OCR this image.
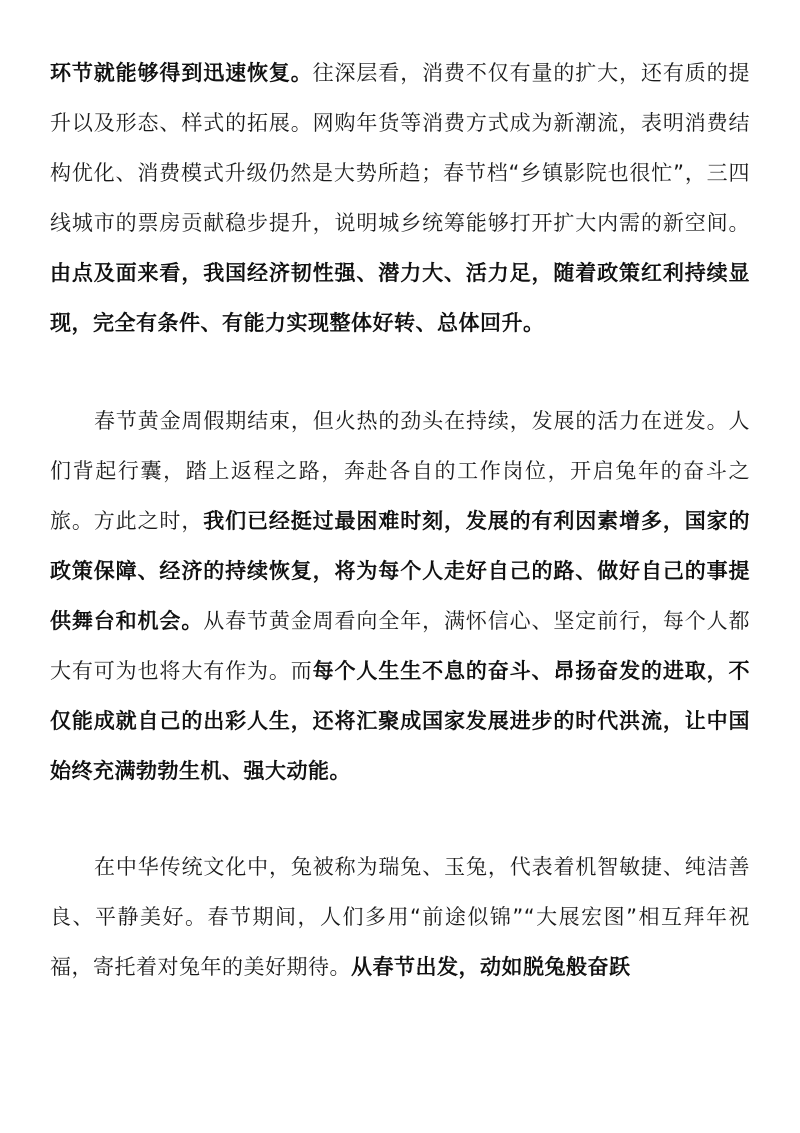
环节就能够得到迅速恢复。往深层看，消费不仅有量的扩大，还有质的提升以及形态、样式的拓展。网购年货等消费方式成为新潮流，表明消费结构优化、消费模式升级仍然是大势所趋；春节档“乡镇影院也很忙”，三四线城市的票房贡献稳步提升，说明城乡统筹能够打开扩大内需的新空间。由点及面来看，我国经济韧性强、潜力大、活力足，随着政策红利持续显现，完全有条件、有能力实现整体好转、总体回升。

春节黄金周假期结束，但火热的劲头在持续，发展的活力在迸发。人们背起行囊，踏上返程之路，奔赴各自的工作岗位，开启兔年的奋斗之旅。方此之时，我们已经挺过最困难时刻，发展的有利因素增多，国家的政策保障、经济的持续恢复，将为每个人走好自己的路、做好自己的事提供舞台和机会。从春节黄金周看向全年，满怀信心、坚定前行，每个人都大有可为也将大有作为。而每个人生生不息的奋斗、昂扬奋发的进取，不仅能成就自己的出彩人生，还将汇聚成国家发展进步的时代洪流，让中国始终充满勃勃生机、强大动能。

在中华传统文化中，兔被称为瑞兔、玉兔，代表着机智敏捷、纯洁善良、平静美好。春节期间，人们多用“前途似锦”“大展宏图”相互拜年祝福，寄托着对兔年的美好期待。从春节出发，动如脱兔般奋跃
